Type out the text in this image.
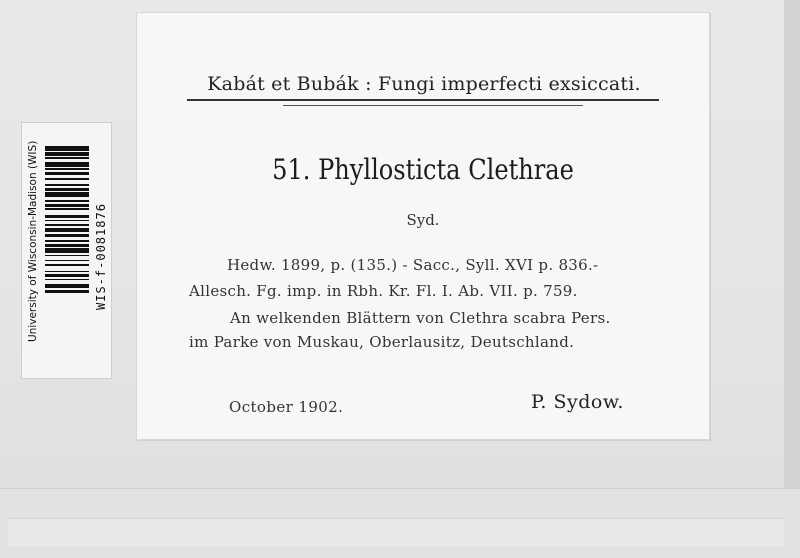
Kabát et Bubák : Fungi imperfecti exsiccati.
51. Phyllosticta Clethrae
Syd.
Hedw. 1899, p. (135.) - Sacc., Syll. XVI p. 836.-
Allesch. Fg. imp. in Rbh. Kr. Fl. I. Ab. VII. p. 759.
An welkenden Blättern von Clethra scabra Pers.
im Parke von Muskau, Oberlausitz, Deutschland.
October 1902.	P. Sydow.
University of Wisconsin-Madison (WIS)	WIS-f-0081876
